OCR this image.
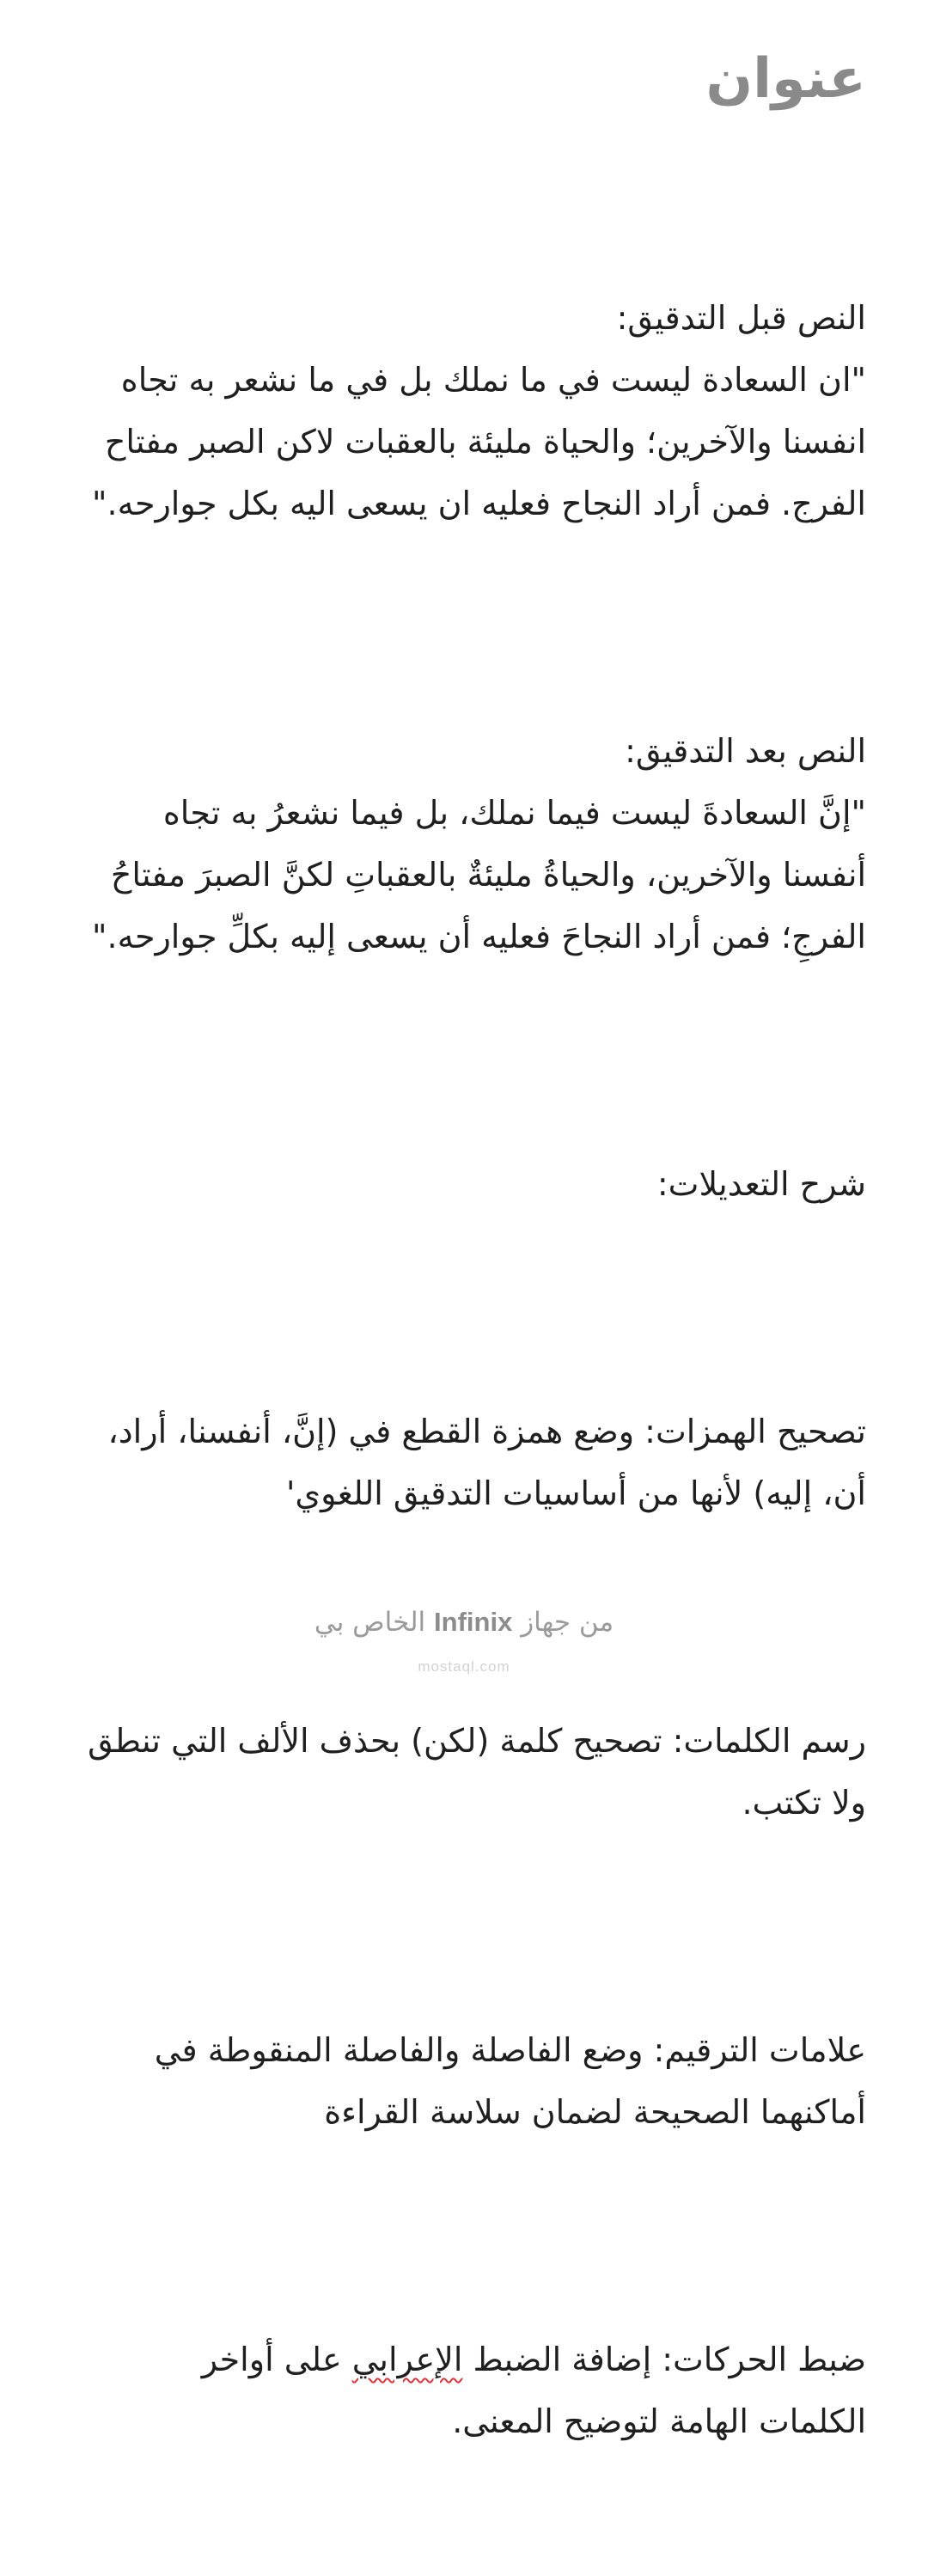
عنوان

النص قبل التدقيق:
"ان السعادة ليست في ما نملك بل في ما نشعر به تجاه انفسنا والآخرين؛ والحياة مليئة بالعقبات لاكن الصبر مفتاح الفرج. فمن أراد النجاح فعليه ان يسعى اليه بكل جوارحه."

النص بعد التدقيق:
"إنَّ السعادةَ ليست فيما نملك، بل فيما نشعرُ به تجاه أنفسنا والآخرين، والحياةُ مليئةٌ بالعقباتِ لكنَّ الصبرَ مفتاحُ الفرجِ؛ فمن أراد النجاحَ فعليه أن يسعى إليه بكلِّ جوارحه."

شرح التعديلات:

تصحيح الهمزات: وضع همزة القطع في (إنَّ، أنفسنا، أراد، أن، إليه) لأنها من أساسيات التدقيق اللغوي'

رسم الكلمات: تصحيح كلمة (لكن) بحذف الألف التي تنطق ولا تكتب.

علامات الترقيم: وضع الفاصلة والفاصلة المنقوطة في أماكنهما الصحيحة لضمان سلاسة القراءة

ضبط الحركات: إضافة الضبط الإعرابي على أواخر الكلمات الهامة لتوضيح المعنى.

من جهاز Infinix الخاص بي
mostaql.com
